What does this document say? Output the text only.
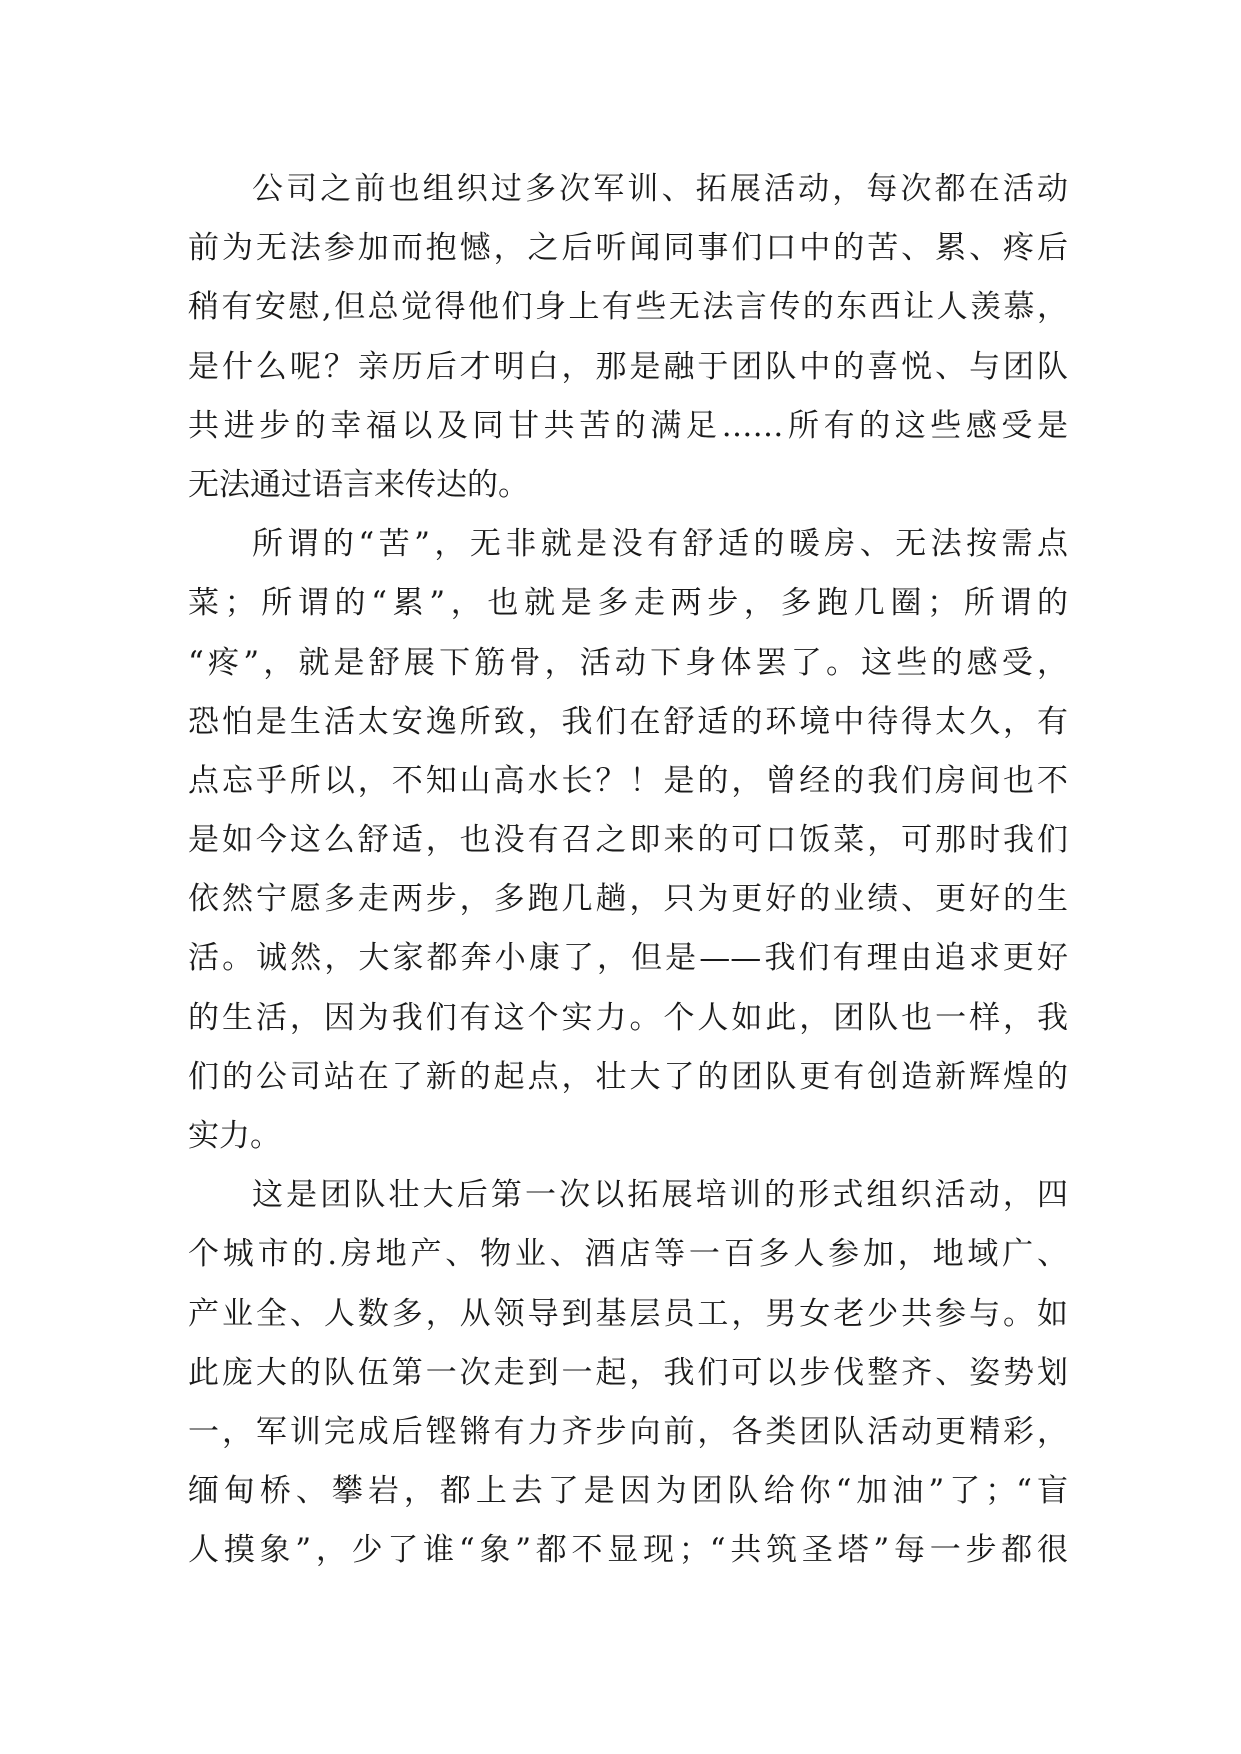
公司之前也组织过多次军训、拓展活动，每次都在活动
前为无法参加而抱憾，之后听闻同事们口中的苦、累、疼后
稍有安慰,但总觉得他们身上有些无法言传的东西让人羡慕，
是什么呢？亲历后才明白，那是融于团队中的喜悦、与团队
共进步的幸福以及同甘共苦的满足……所有的这些感受是
无法通过语言来传达的。
所谓的“苦”，无非就是没有舒适的暖房、无法按需点
菜；所谓的“累”，也就是多走两步，多跑几圈；所谓的
“疼”，就是舒展下筋骨，活动下身体罢了。这些的感受，
恐怕是生活太安逸所致，我们在舒适的环境中待得太久，有
点忘乎所以，不知山高水长？！是的，曾经的我们房间也不
是如今这么舒适，也没有召之即来的可口饭菜，可那时我们
依然宁愿多走两步，多跑几趟，只为更好的业绩、更好的生
活。诚然，大家都奔小康了，但是——我们有理由追求更好
的生活，因为我们有这个实力。个人如此，团队也一样，我
们的公司站在了新的起点，壮大了的团队更有创造新辉煌的
实力。
这是团队壮大后第一次以拓展培训的形式组织活动，四
个城市的.房地产、物业、酒店等一百多人参加，地域广、
产业全、人数多，从领导到基层员工，男女老少共参与。如
此庞大的队伍第一次走到一起，我们可以步伐整齐、姿势划
一，军训完成后铿锵有力齐步向前，各类团队活动更精彩，
缅甸桥、攀岩，都上去了是因为团队给你“加油”了；“盲
人摸象”，少了谁“象”都不显现；“共筑圣塔”每一步都很
